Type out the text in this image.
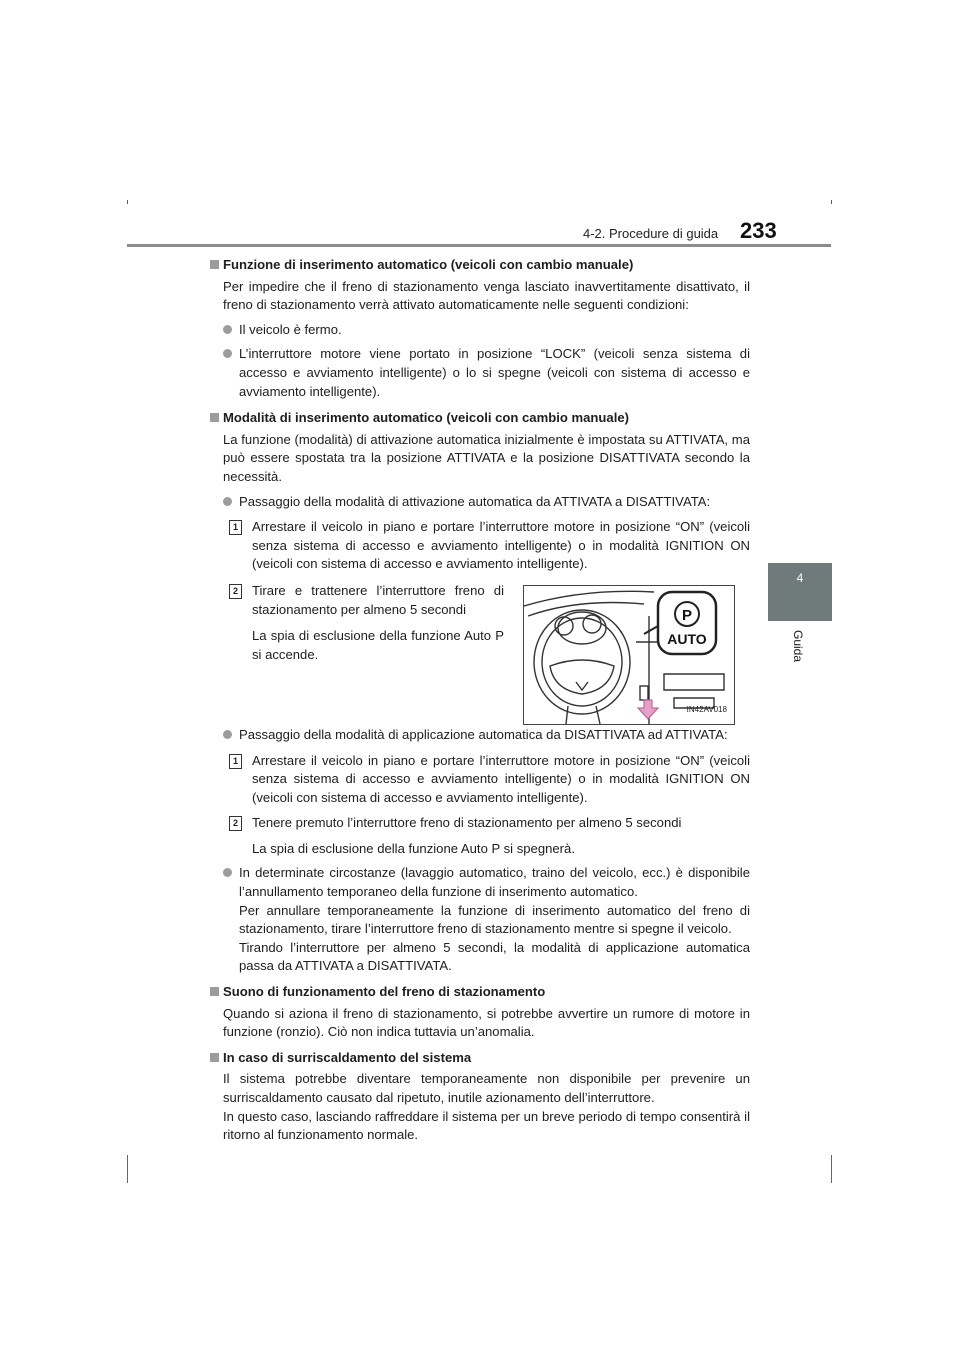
4-2. Procedure di guida 233
4
Guida

Funzione di inserimento automatico (veicoli con cambio manuale)

Per impedire che il freno di stazionamento venga lasciato inavvertitamente disattivato, il freno di stazionamento verrà attivato automaticamente nelle seguenti condizioni:

Il veicolo è fermo.

L’interruttore motore viene portato in posizione “LOCK” (veicoli senza sistema di accesso e avviamento intelligente) o lo si spegne (veicoli con sistema di accesso e avviamento intelligente).

Modalità di inserimento automatico (veicoli con cambio manuale)

La funzione (modalità) di attivazione automatica inizialmente è impostata su ATTIVATA, ma può essere spostata tra la posizione ATTIVATA e la posizione DISATTIVATA secondo la necessità.

Passaggio della modalità di attivazione automatica da ATTIVATA a DISATTIVATA:

1	Arrestare il veicolo in piano e portare l’interruttore motore in posizione “ON” (veicoli senza sistema di accesso e avviamento intelligente) o in modalità IGNITION ON (veicoli con sistema di accesso e avviamento intelligente).

2	Tirare e trattenere l’interruttore freno di stazionamento per almeno 5 secondi

La spia di esclusione della funzione Auto P si accende.

P
AUTO
IN42AV018

Passaggio della modalità di applicazione automatica da DISATTIVATA ad ATTIVATA:

1	Arrestare il veicolo in piano e portare l’interruttore motore in posizione “ON” (veicoli senza sistema di accesso e avviamento intelligente) o in modalità IGNITION ON (veicoli con sistema di accesso e avviamento intelligente).

2	Tenere premuto l’interruttore freno di stazionamento per almeno 5 secondi

La spia di esclusione della funzione Auto P si spegnerà.

In determinate circostanze (lavaggio automatico, traino del veicolo, ecc.) è disponibile l’annullamento temporaneo della funzione di inserimento automatico.

Per annullare temporaneamente la funzione di inserimento automatico del freno di stazionamento, tirare l’interruttore freno di stazionamento mentre si spegne il veicolo.

Tirando l’interruttore per almeno 5 secondi, la modalità di applicazione automatica passa da ATTIVATA a DISATTIVATA.

Suono di funzionamento del freno di stazionamento

Quando si aziona il freno di stazionamento, si potrebbe avvertire un rumore di motore in funzione (ronzio). Ciò non indica tuttavia un’anomalia.

In caso di surriscaldamento del sistema

Il sistema potrebbe diventare temporaneamente non disponibile per prevenire un surriscaldamento causato dal ripetuto, inutile azionamento dell’interruttore.

In questo caso, lasciando raffreddare il sistema per un breve periodo di tempo consentirà il ritorno al funzionamento normale.
